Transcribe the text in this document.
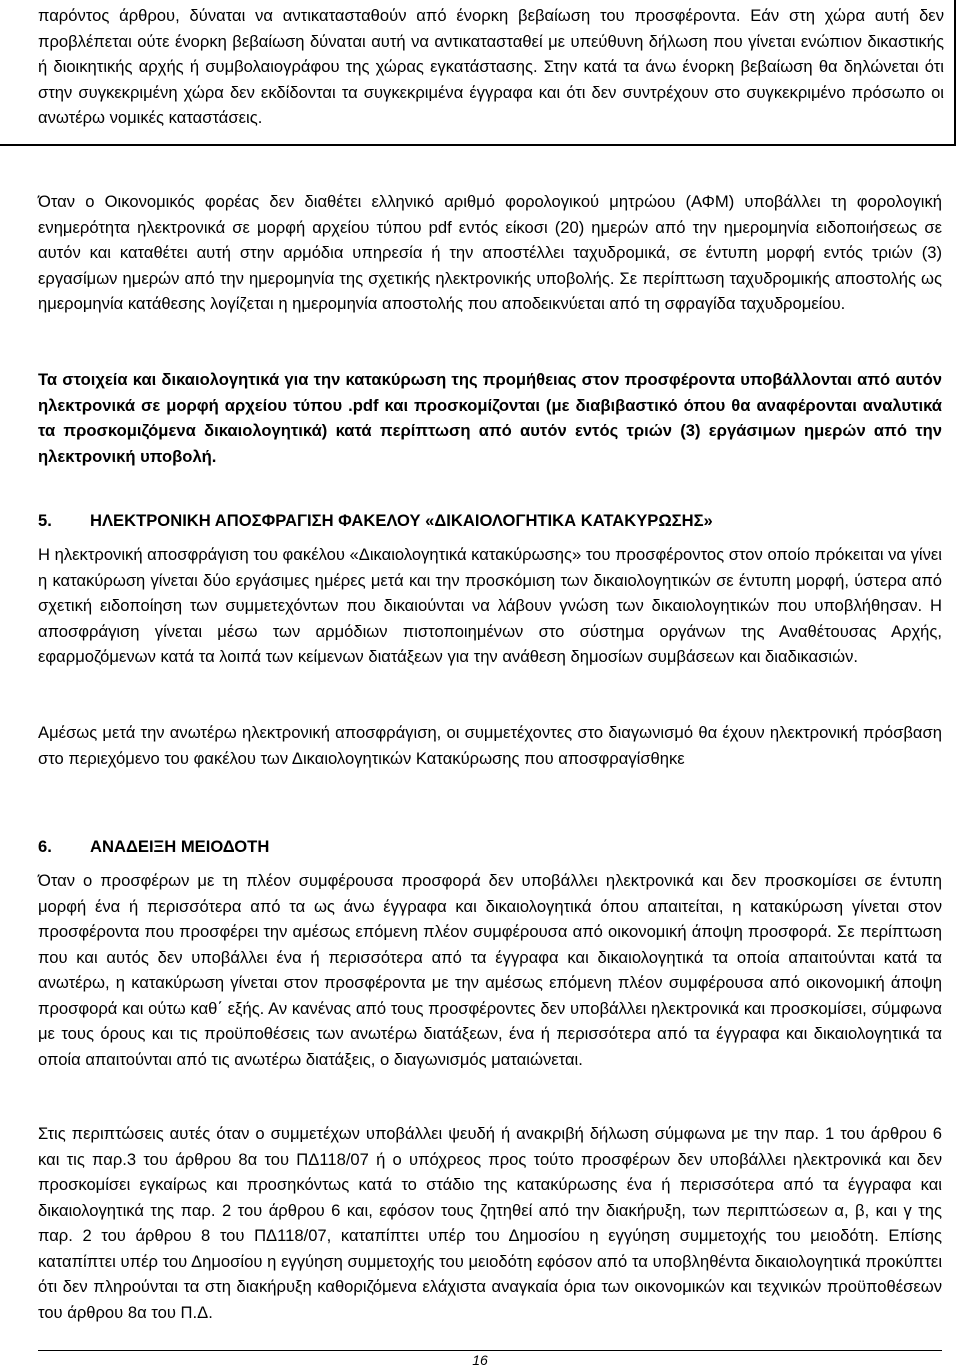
παρόντος άρθρου, δύναται να αντικατασταθούν από ένορκη βεβαίωση του προσφέροντα. Εάν στη χώρα αυτή δεν προβλέπεται ούτε ένορκη βεβαίωση δύναται αυτή να αντικατασταθεί με υπεύθυνη δήλωση που γίνεται ενώπιον δικαστικής ή διοικητικής αρχής ή συμβολαιογράφου της χώρας εγκατάστασης. Στην κατά τα άνω ένορκη βεβαίωση θα δηλώνεται ότι στην συγκεκριμένη χώρα δεν εκδίδονται τα συγκεκριμένα έγγραφα και ότι δεν συντρέχουν στο συγκεκριμένο πρόσωπο οι ανωτέρω νομικές καταστάσεις.

Όταν ο Οικονομικός φορέας δεν διαθέτει ελληνικό αριθμό φορολογικού μητρώου (ΑΦΜ) υποβάλλει τη φορολογική ενημερότητα ηλεκτρονικά σε μορφή αρχείου τύπου pdf εντός είκοσι (20) ημερών από την ημερομηνία ειδοποιήσεως σε αυτόν και καταθέτει αυτή στην αρμόδια υπηρεσία ή την αποστέλλει ταχυδρομικά, σε έντυπη μορφή εντός τριών (3) εργασίμων ημερών από την ημερομηνία της σχετικής ηλεκτρονικής υποβολής. Σε περίπτωση ταχυδρομικής αποστολής ως ημερομηνία κατάθεσης λογίζεται η ημερομηνία αποστολής που αποδεικνύεται από τη σφραγίδα ταχυδρομείου.

Τα στοιχεία και δικαιολογητικά για την κατακύρωση της προμήθειας στον προσφέροντα υποβάλλονται από αυτόν ηλεκτρονικά σε μορφή αρχείου τύπου .pdf και προσκομίζονται (με διαβιβαστικό όπου θα αναφέρονται αναλυτικά τα προσκομιζόμενα δικαιολογητικά) κατά περίπτωση από αυτόν εντός τριών (3) εργάσιμων ημερών από την ηλεκτρονική υποβολή.

5. ΗΛΕΚΤΡΟΝΙΚΗ ΑΠΟΣΦΡΑΓΙΣΗ ΦΑΚΕΛΟΥ «ΔΙΚΑΙΟΛΟΓΗΤΙΚΑ ΚΑΤΑΚΥΡΩΣΗΣ»

Η ηλεκτρονική αποσφράγιση του φακέλου «Δικαιολογητικά κατακύρωσης» του προσφέροντος στον οποίο πρόκειται να γίνει η κατακύρωση γίνεται δύο εργάσιμες ημέρες μετά και την προσκόμιση των δικαιολογητικών σε έντυπη μορφή, ύστερα από σχετική ειδοποίηση των συμμετεχόντων που δικαιούνται να λάβουν γνώση των δικαιολογητικών που υποβλήθησαν. Η αποσφράγιση γίνεται μέσω των αρμόδιων πιστοποιημένων στο σύστημα οργάνων της Αναθέτουσας Αρχής, εφαρμοζόμενων κατά τα λοιπά των κείμενων διατάξεων για την ανάθεση δημοσίων συμβάσεων και διαδικασιών.

Αμέσως μετά την ανωτέρω ηλεκτρονική αποσφράγιση, οι συμμετέχοντες στο διαγωνισμό θα έχουν ηλεκτρονική πρόσβαση στο περιεχόμενο του φακέλου των Δικαιολογητικών Κατακύρωσης που αποσφραγίσθηκε

6. ΑΝΑΔΕΙΞΗ ΜΕΙΟΔΟΤΗ

Όταν ο προσφέρων με τη πλέον συμφέρουσα προσφορά δεν υποβάλλει ηλεκτρονικά και δεν προσκομίσει σε έντυπη μορφή ένα ή περισσότερα από τα ως άνω έγγραφα και δικαιολογητικά όπου απαιτείται, η κατακύρωση γίνεται στον προσφέροντα που προσφέρει την αμέσως επόμενη πλέον συμφέρουσα από οικονομική άποψη προσφορά. Σε περίπτωση που και αυτός δεν υποβάλλει ένα ή περισσότερα από τα έγγραφα και δικαιολογητικά τα οποία απαιτούνται κατά τα ανωτέρω, η κατακύρωση γίνεται στον προσφέροντα με την αμέσως επόμενη πλέον συμφέρουσα από οικονομική άποψη προσφορά και ούτω καθ΄ εξής. Αν κανένας από τους προσφέροντες δεν υποβάλλει ηλεκτρονικά και προσκομίσει, σύμφωνα με τους όρους και τις προϋποθέσεις των ανωτέρω διατάξεων, ένα ή περισσότερα από τα έγγραφα και δικαιολογητικά τα οποία απαιτούνται από τις ανωτέρω διατάξεις, ο διαγωνισμός ματαιώνεται.

Στις περιπτώσεις αυτές όταν ο συμμετέχων υποβάλλει ψευδή ή ανακριβή δήλωση σύμφωνα με την παρ. 1 του άρθρου 6 και τις παρ.3 του άρθρου 8α του ΠΔ118/07 ή ο υπόχρεος προς τούτο προσφέρων δεν υποβάλλει ηλεκτρονικά και δεν προσκομίσει εγκαίρως και προσηκόντως κατά το στάδιο της κατακύρωσης ένα ή περισσότερα από τα έγγραφα και δικαιολογητικά της παρ. 2 του άρθρου 6 και, εφόσον τους ζητηθεί από την διακήρυξη, των περιπτώσεων α, β, και γ της παρ. 2 του άρθρου 8 του ΠΔ118/07, καταπίπτει υπέρ του Δημοσίου η εγγύηση συμμετοχής του μειοδότη. Επίσης καταπίπτει υπέρ του Δημοσίου η εγγύηση συμμετοχής του μειοδότη εφόσον από τα υποβληθέντα δικαιολογητικά προκύπτει ότι δεν πληρούνται τα στη διακήρυξη καθοριζόμενα ελάχιστα αναγκαία όρια των οικονομικών και τεχνικών προϋποθέσεων του άρθρου 8α του Π.Δ.

16
